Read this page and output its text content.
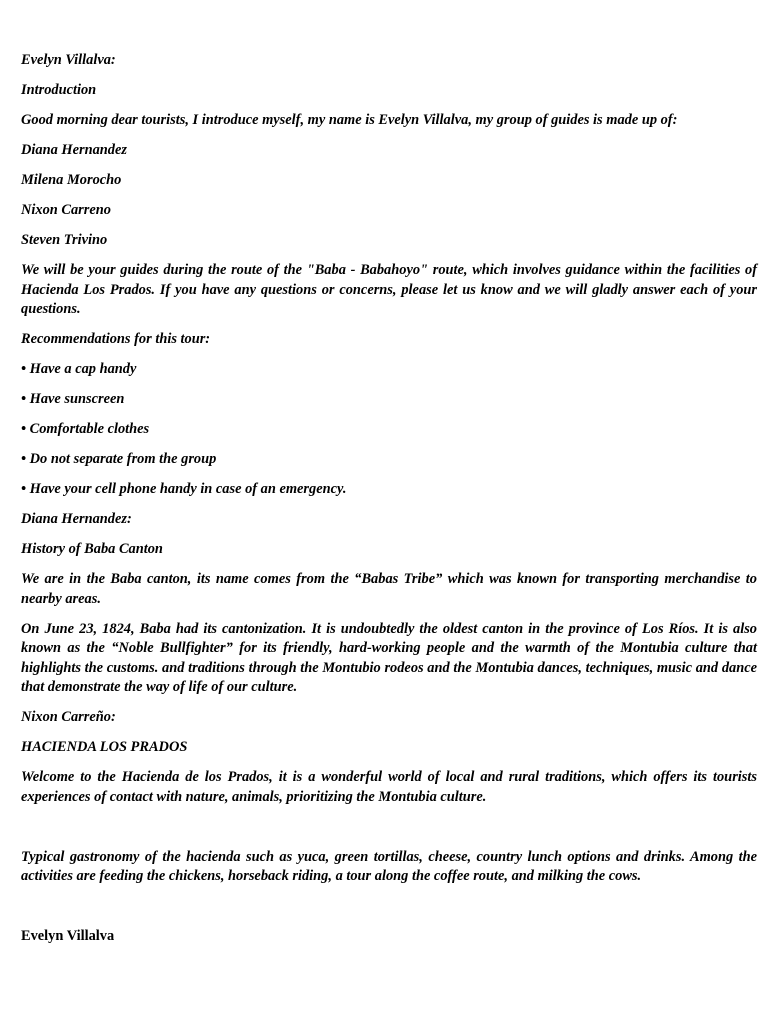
Evelyn Villalva:

Introduction

Good morning dear tourists, I introduce myself, my name is Evelyn Villalva, my group of guides is made up of:

Diana Hernandez

Milena Morocho

Nixon Carreno

Steven Trivino

We will be your guides during the route of the "Baba - Babahoyo" route, which involves guidance within the facilities of Hacienda Los Prados. If you have any questions or concerns, please let us know and we will gladly answer each of your questions.

Recommendations for this tour:

• Have a cap handy

• Have sunscreen

• Comfortable clothes

• Do not separate from the group

• Have your cell phone handy in case of an emergency.

Diana Hernandez:

History of Baba Canton

We are in the Baba canton, its name comes from the “Babas Tribe” which was known for transporting merchandise to nearby areas.

On June 23, 1824, Baba had its cantonization. It is undoubtedly the oldest canton in the province of Los Ríos. It is also known as the “Noble Bullfighter” for its friendly, hard-working people and the warmth of the Montubia culture that highlights the customs. and traditions through the Montubio rodeos and the Montubia dances, techniques, music and dance that demonstrate the way of life of our culture.

Nixon Carreño:

HACIENDA LOS PRADOS

Welcome to the Hacienda de los Prados, it is a wonderful world of local and rural traditions, which offers its tourists experiences of contact with nature, animals, prioritizing the Montubia culture.

Typical gastronomy of the hacienda such as yuca, green tortillas, cheese, country lunch options and drinks. Among the activities are feeding the chickens, horseback riding, a tour along the coffee route, and milking the cows.

Evelyn Villalva
